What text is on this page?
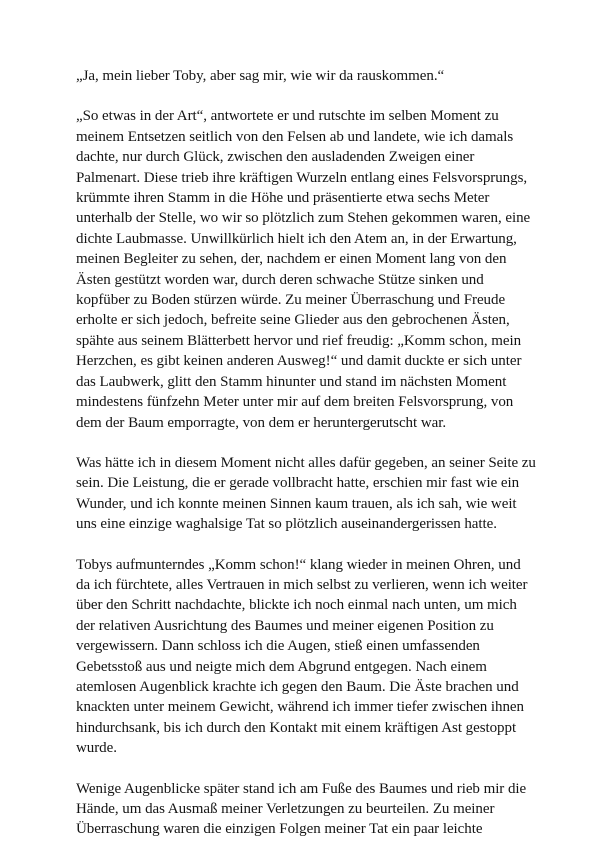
„Ja, mein lieber Toby, aber sag mir, wie wir da rauskommen.“

„So etwas in der Art“, antwortete er und rutschte im selben Moment zu meinem Entsetzen seitlich von den Felsen ab und landete, wie ich damals dachte, nur durch Glück, zwischen den ausladenden Zweigen einer Palmenart. Diese trieb ihre kräftigen Wurzeln entlang eines Felsvorsprungs, krümmte ihren Stamm in die Höhe und präsentierte etwa sechs Meter unterhalb der Stelle, wo wir so plötzlich zum Stehen gekommen waren, eine dichte Laubmasse. Unwillkürlich hielt ich den Atem an, in der Erwartung, meinen Begleiter zu sehen, der, nachdem er einen Moment lang von den Ästen gestützt worden war, durch deren schwache Stütze sinken und kopfüber zu Boden stürzen würde. Zu meiner Überraschung und Freude erholte er sich jedoch, befreite seine Glieder aus den gebrochenen Ästen, spähte aus seinem Blätterbett hervor und rief freudig: „Komm schon, mein Herzchen, es gibt keinen anderen Ausweg!“ und damit duckte er sich unter das Laubwerk, glitt den Stamm hinunter und stand im nächsten Moment mindestens fünfzehn Meter unter mir auf dem breiten Felsvorsprung, von dem der Baum emporragte, von dem er heruntergerutscht war.

Was hätte ich in diesem Moment nicht alles dafür gegeben, an seiner Seite zu sein. Die Leistung, die er gerade vollbracht hatte, erschien mir fast wie ein Wunder, und ich konnte meinen Sinnen kaum trauen, als ich sah, wie weit uns eine einzige waghalsige Tat so plötzlich auseinandergerissen hatte.

Tobys aufmunterndes „Komm schon!“ klang wieder in meinen Ohren, und da ich fürchtete, alles Vertrauen in mich selbst zu verlieren, wenn ich weiter über den Schritt nachdachte, blickte ich noch einmal nach unten, um mich der relativen Ausrichtung des Baumes und meiner eigenen Position zu vergewissern. Dann schloss ich die Augen, stieß einen umfassenden Gebetsstoß aus und neigte mich dem Abgrund entgegen. Nach einem atemlosen Augenblick krachte ich gegen den Baum. Die Äste brachen und knackten unter meinem Gewicht, während ich immer tiefer zwischen ihnen hindurchsank, bis ich durch den Kontakt mit einem kräftigen Ast gestoppt wurde.

Wenige Augenblicke später stand ich am Fuße des Baumes und rieb mir die Hände, um das Ausmaß meiner Verletzungen zu beurteilen. Zu meiner Überraschung waren die einzigen Folgen meiner Tat ein paar leichte
